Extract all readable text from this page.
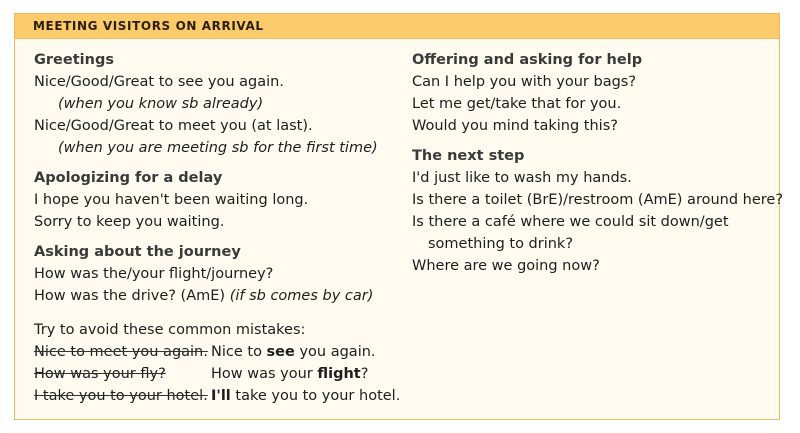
MEETING VISITORS ON ARRIVAL
Greetings
Nice/Good/Great to see you again.
(when you know sb already)
Nice/Good/Great to meet you (at last).
(when you are meeting sb for the first time)
Apologizing for a delay
I hope you haven't been waiting long.
Sorry to keep you waiting.
Asking about the journey
How was the/your flight/journey?
How was the drive? (AmE) (if sb comes by car)
Try to avoid these common mistakes:
Nice to meet you again. Nice to see you again.
How was your fly?	How was your flight?
I take you to your hotel. I'll take you to your hotel.
Offering and asking for help
Can I help you with your bags?
Let me get/take that for you.
Would you mind taking this?
The next step
I'd just like to wash my hands.
Is there a toilet (BrE)/restroom (AmE) around here?
Is there a café where we could sit down/get
something to drink?
Where are we going now?
